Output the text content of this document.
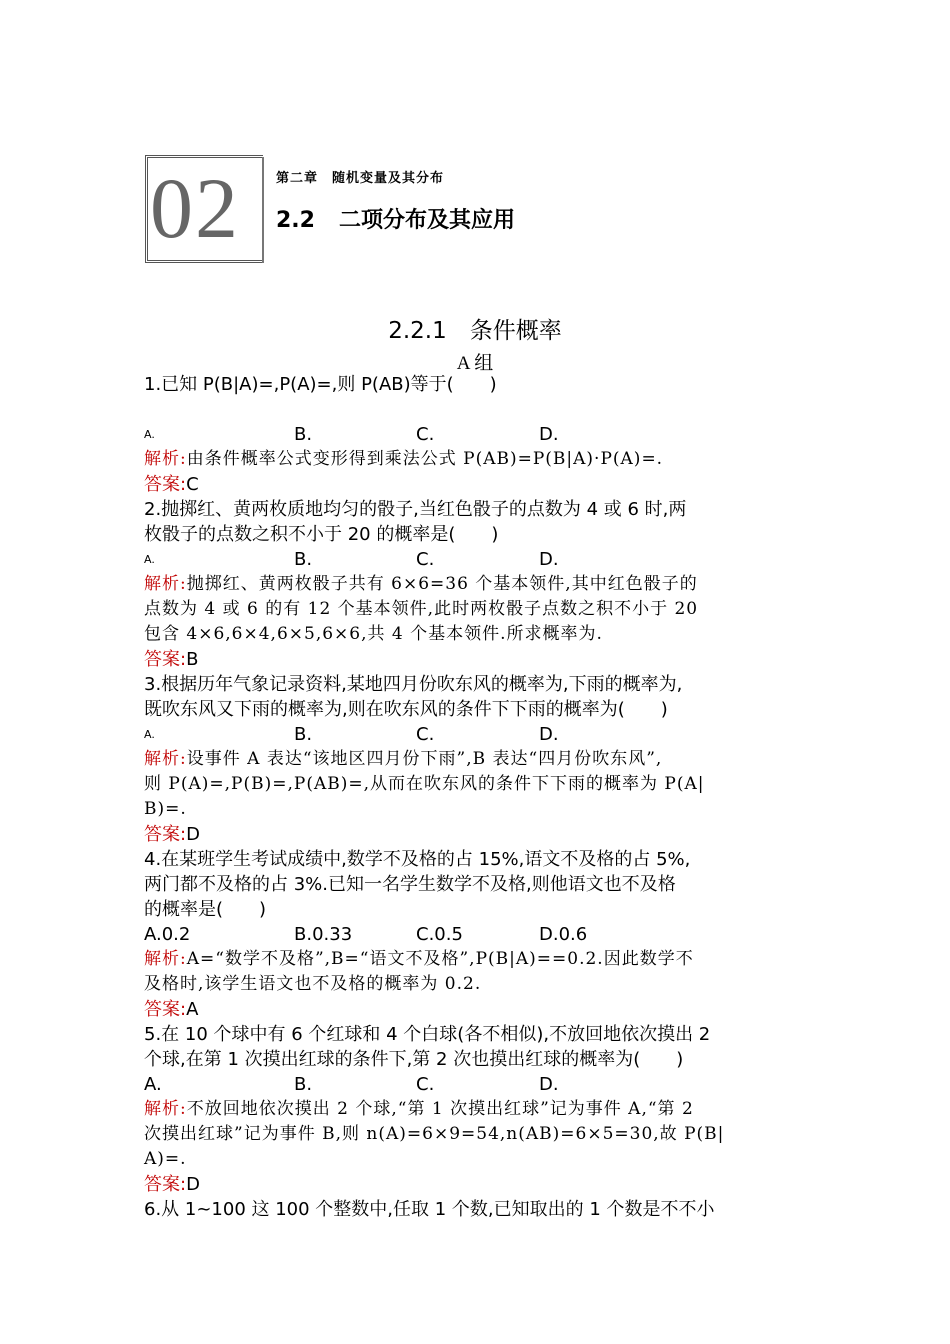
02	第二章　随机变量及其分布
2.2 二项分布及其应用
2.2.1　条件概率
A 组
1.已知 P(B|A)=,P(A)=,则 P(AB)等于(　　)
A.	B.	C.	D.
解析:由条件概率公式变形得到乘法公式 P(AB)=P(B|A)·P(A)=.
答案:C
2.抛掷红、黄两枚质地均匀的骰子,当红色骰子的点数为 4 或 6 时,两
枚骰子的点数之积不小于 20 的概率是(　　)
A.	B.	C.	D.
解析:抛掷红、黄两枚骰子共有 6×6=36 个基本领件,其中红色骰子的
点数为 4 或 6 的有 12 个基本领件,此时两枚骰子点数之积不小于 20
包含 4×6,6×4,6×5,6×6,共 4 个基本领件.所求概率为.
答案:B
3.根据历年气象记录资料,某地四月份吹东风的概率为,下雨的概率为,
既吹东风又下雨的概率为,则在吹东风的条件下下雨的概率为(　　)
A.	B.	C.	D.
解析:设事件 A 表达“该地区四月份下雨”,B 表达“四月份吹东风”,
则 P(A)=,P(B)=,P(AB)=,从而在吹东风的条件下下雨的概率为 P(A|
B)=.
答案:D
4.在某班学生考试成绩中,数学不及格的占 15%,语文不及格的占 5%,
两门都不及格的占 3%.已知一名学生数学不及格,则他语文也不及格
的概率是(　　)
A.0.2	B.0.33	C.0.5	D.0.6
解析:A=“数学不及格”,B=“语文不及格”,P(B|A)==0.2.因此数学不
及格时,该学生语文也不及格的概率为 0.2.
答案:A
5.在 10 个球中有 6 个红球和 4 个白球(各不相似),不放回地依次摸出 2
个球,在第 1 次摸出红球的条件下,第 2 次也摸出红球的概率为(　　)
A.	B.	C.	D.
解析:不放回地依次摸出 2 个球,“第 1 次摸出红球”记为事件 A,“第 2
次摸出红球”记为事件 B,则 n(A)=6×9=54,n(AB)=6×5=30,故 P(B|
A)=.
答案:D
6.从 1~100 这 100 个整数中,任取 1 个数,已知取出的 1 个数是不不小
